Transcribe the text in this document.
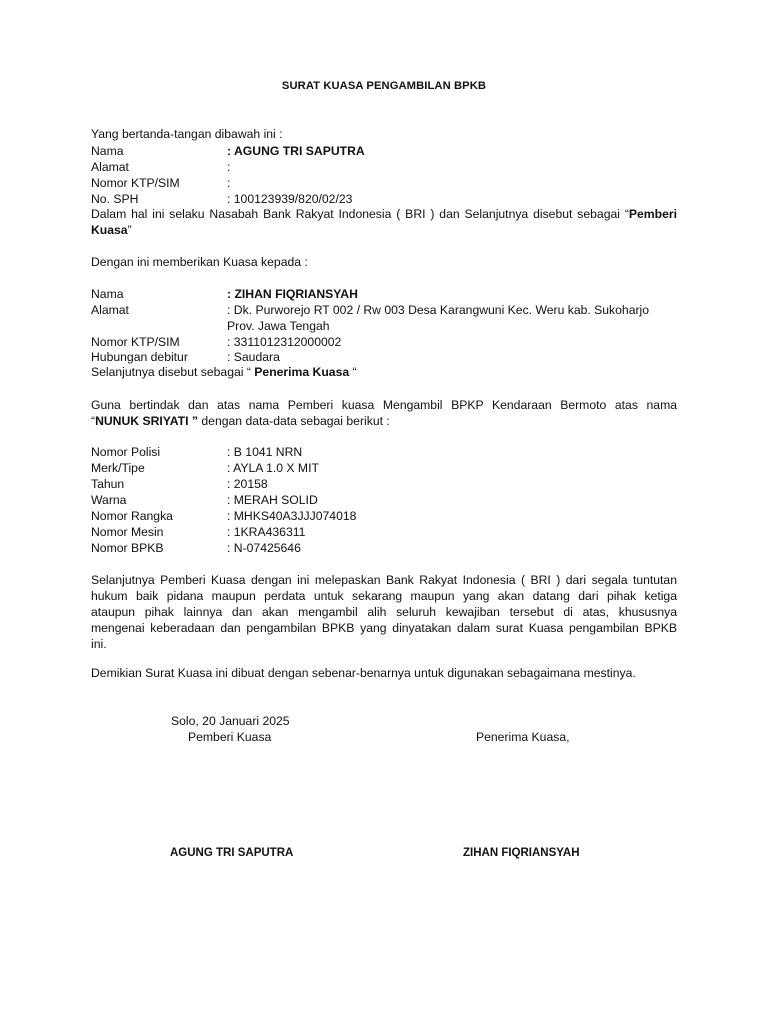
SURAT KUASA PENGAMBILAN BPKB
Yang bertanda-tangan dibawah ini :
Nama	: AGUNG TRI SAPUTRA
Alamat	:
Nomor KTP/SIM	:
No. SPH	: 100123939/820/02/23
Dalam hal ini selaku Nasabah Bank Rakyat Indonesia ( BRI ) dan Selanjutnya disebut sebagai “Pemberi
Kuasa”
Dengan ini memberikan Kuasa kepada :
Nama	: ZIHAN FIQRIANSYAH
Alamat	: Dk. Purworejo RT 002 / Rw 003 Desa Karangwuni Kec. Weru kab. Sukoharjo
Prov. Jawa Tengah
Nomor KTP/SIM	: 3311012312000002
Hubungan debitur	: Saudara
Selanjutnya disebut sebagai “ Penerima Kuasa “
Guna bertindak dan atas nama Pemberi kuasa Mengambil BPKP Kendaraan Bermoto atas nama
“NUNUK SRIYATI ” dengan data-data sebagai berikut :
Nomor Polisi	: B 1041 NRN
Merk/Tipe	: AYLA 1.0 X MIT
Tahun	: 20158
Warna	: MERAH SOLID
Nomor Rangka	: MHKS40A3JJJ074018
Nomor Mesin	: 1KRA436311
Nomor BPKB	: N-07425646
Selanjutnya Pemberi Kuasa dengan ini melepaskan Bank Rakyat Indonesia ( BRI ) dari segala tuntutan
hukum baik pidana maupun perdata untuk sekarang maupun yang akan datang dari pihak ketiga
ataupun pihak lainnya dan akan mengambil alih seluruh kewajiban tersebut di atas, khususnya
mengenai keberadaan dan pengambilan BPKB yang dinyatakan dalam surat Kuasa pengambilan BPKB
ini.
Demikian Surat Kuasa ini dibuat dengan sebenar-benarnya untuk digunakan sebagaimana mestinya.
Solo, 20 Januari 2025
Pemberi Kuasa	Penerima Kuasa,
AGUNG TRI SAPUTRA	ZIHAN FIQRIANSYAH
